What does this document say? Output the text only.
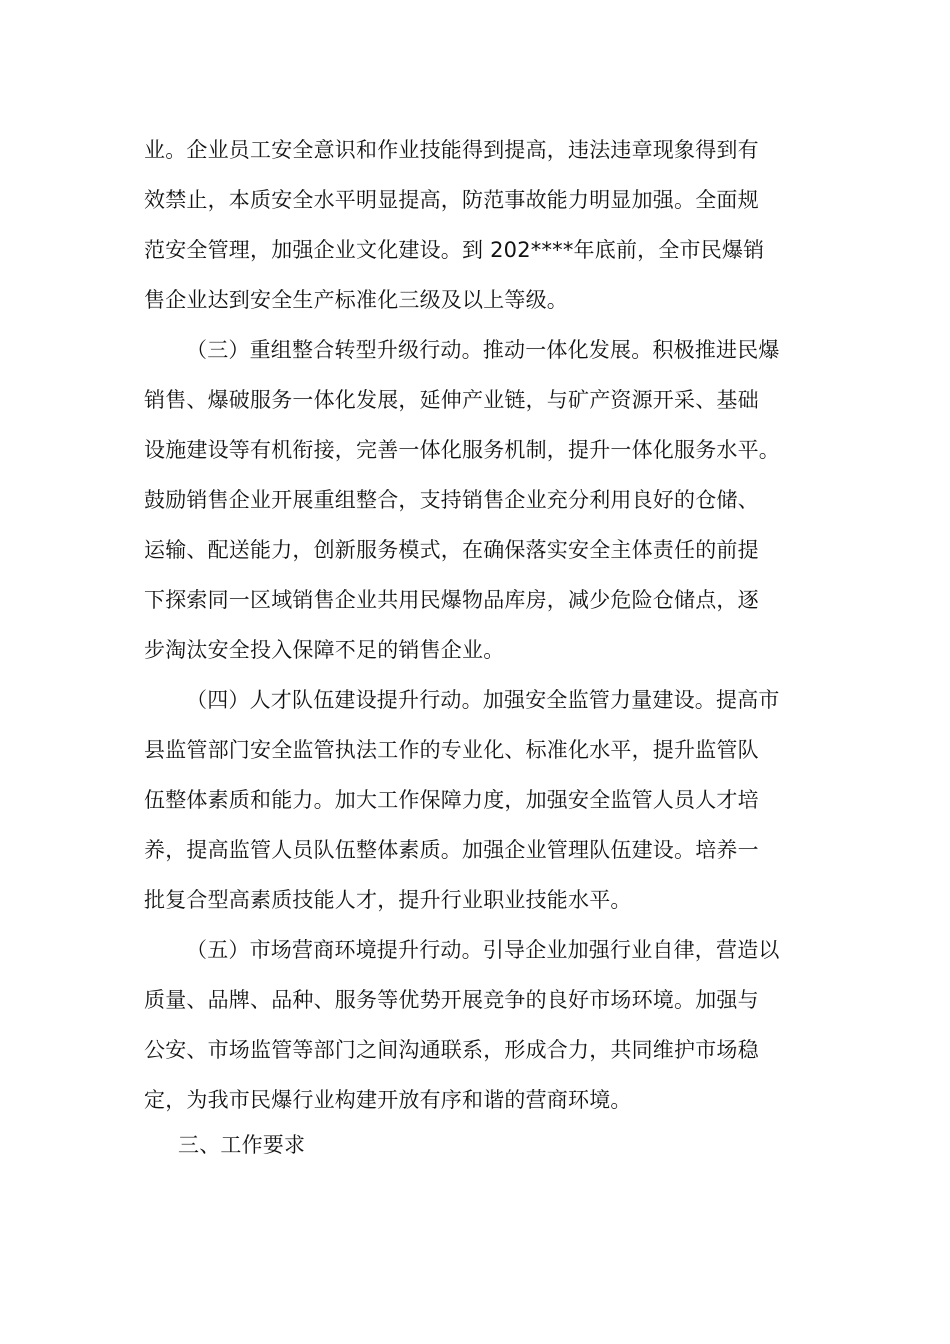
业。企业员工安全意识和作业技能得到提高，违法违章现象得到有
效禁止，本质安全水平明显提高，防范事故能力明显加强。全面规
范安全管理，加强企业文化建设。到 202****年底前，全市民爆销
售企业达到安全生产标准化三级及以上等级。
（三）重组整合转型升级行动。推动一体化发展。积极推进民爆
销售、爆破服务一体化发展，延伸产业链，与矿产资源开采、基础
设施建设等有机衔接，完善一体化服务机制，提升一体化服务水平。
鼓励销售企业开展重组整合，支持销售企业充分利用良好的仓储、
运输、配送能力，创新服务模式，在确保落实安全主体责任的前提
下探索同一区域销售企业共用民爆物品库房，减少危险仓储点，逐
步淘汰安全投入保障不足的销售企业。
（四）人才队伍建设提升行动。加强安全监管力量建设。提高市
县监管部门安全监管执法工作的专业化、标准化水平，提升监管队
伍整体素质和能力。加大工作保障力度，加强安全监管人员人才培
养，提高监管人员队伍整体素质。加强企业管理队伍建设。培养一
批复合型高素质技能人才，提升行业职业技能水平。
（五）市场营商环境提升行动。引导企业加强行业自律，营造以
质量、品牌、品种、服务等优势开展竞争的良好市场环境。加强与
公安、市场监管等部门之间沟通联系，形成合力，共同维护市场稳
定，为我市民爆行业构建开放有序和谐的营商环境。
三、工作要求
